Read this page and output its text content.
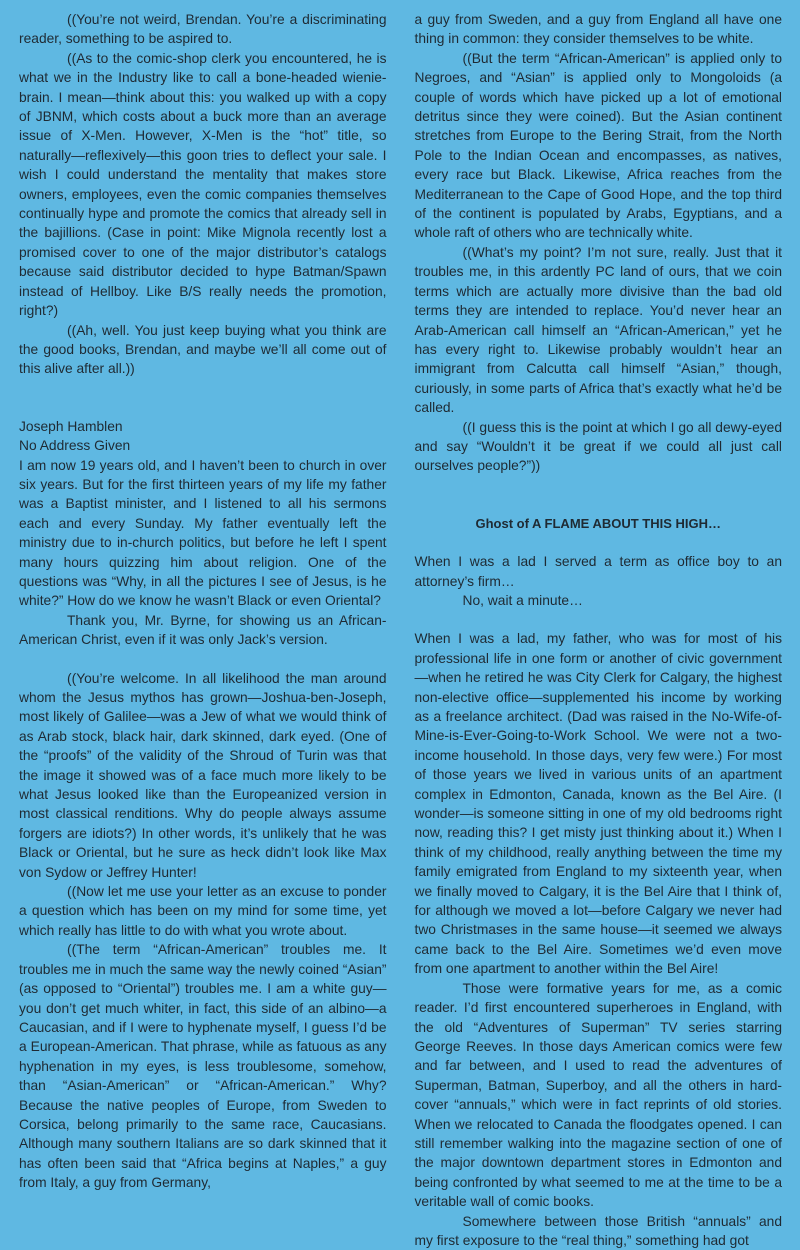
((You’re not weird, Brendan. You’re a discriminating reader, something to be aspired to.

((As to the comic-shop clerk you encountered, he is what we in the Industry like to call a bone-headed wienie-brain. I mean—think about this: you walked up with a copy of JBNM, which costs about a buck more than an average issue of X-Men. However, X-Men is the “hot” title, so naturally—reflexively—this goon tries to deflect your sale. I wish I could understand the mentality that makes store owners, employees, even the comic companies themselves continually hype and promote the comics that already sell in the bajillions. (Case in point: Mike Mignola recently lost a promised cover to one of the major distributor’s catalogs because said distributor decided to hype Batman/Spawn instead of Hellboy. Like B/S really needs the promotion, right?)

((Ah, well. You just keep buying what you think are the good books, Brendan, and maybe we’ll all come out of this alive after all.))

Joseph Hamblen

No Address Given

I am now 19 years old, and I haven’t been to church in over six years. But for the first thirteen years of my life my father was a Baptist minister, and I listened to all his sermons each and every Sunday. My father eventually left the ministry due to in-church politics, but before he left I spent many hours quizzing him about religion. One of the questions was “Why, in all the pictures I see of Jesus, is he white?” How do we know he wasn’t Black or even Oriental?

Thank you, Mr. Byrne, for showing us an African-American Christ, even if it was only Jack’s version.

((You’re welcome. In all likelihood the man around whom the Jesus mythos has grown—Joshua-ben-Joseph, most likely of Galilee—was a Jew of what we would think of as Arab stock, black hair, dark skinned, dark eyed. (One of the “proofs” of the validity of the Shroud of Turin was that the image it showed was of a face much more likely to be what Jesus looked like than the Europeanized version in most classical renditions. Why do people always assume forgers are idiots?) In other words, it’s unlikely that he was Black or Oriental, but he sure as heck didn’t look like Max von Sydow or Jeffrey Hunter!

((Now let me use your letter as an excuse to ponder a question which has been on my mind for some time, yet which really has little to do with what you wrote about.

((The term “African-American” troubles me. It troubles me in much the same way the newly coined “Asian” (as opposed to “Oriental”) troubles me. I am a white guy—you don’t get much whiter, in fact, this side of an albino—a Caucasian, and if I were to hyphenate myself, I guess I’d be a European-American. That phrase, while as fatuous as any hyphenation in my eyes, is less troublesome, somehow, than “Asian-American” or “African-American.” Why? Because the native peoples of Europe, from Sweden to Corsica, belong primarily to the same race, Caucasians. Although many southern Italians are so dark skinned that it has often been said that “Africa begins at Naples,” a guy from Italy, a guy from Germany,

a guy from Sweden, and a guy from England all have one thing in common: they consider themselves to be white.

((But the term “African-American” is applied only to Negroes, and “Asian” is applied only to Mongoloids (a couple of words which have picked up a lot of emotional detritus since they were coined). But the Asian continent stretches from Europe to the Bering Strait, from the North Pole to the Indian Ocean and encompasses, as natives, every race but Black. Likewise, Africa reaches from the Mediterranean to the Cape of Good Hope, and the top third of the continent is populated by Arabs, Egyptians, and a whole raft of others who are technically white.

((What’s my point? I’m not sure, really. Just that it troubles me, in this ardently PC land of ours, that we coin terms which are actually more divisive than the bad old terms they are intended to replace. You’d never hear an Arab-American call himself an “African-American,” yet he has every right to. Likewise probably wouldn’t hear an immigrant from Calcutta call himself “Asian,” though, curiously, in some parts of Africa that’s exactly what he’d be called.

((I guess this is the point at which I go all dewy-eyed and say “Wouldn’t it be great if we could all just call ourselves people?”))

Ghost of A FLAME ABOUT THIS HIGH…

When I was a lad I served a term as office boy to an attorney’s firm…

No, wait a minute…

When I was a lad, my father, who was for most of his professional life in one form or another of civic government—when he retired he was City Clerk for Calgary, the highest non-elective office—supplemented his income by working as a freelance architect. (Dad was raised in the No-Wife-of-Mine-is-Ever-Going-to-Work School. We were not a two-income household. In those days, very few were.) For most of those years we lived in various units of an apartment complex in Edmonton, Canada, known as the Bel Aire. (I wonder—is someone sitting in one of my old bedrooms right now, reading this? I get misty just thinking about it.) When I think of my childhood, really anything between the time my family emigrated from England to my sixteenth year, when we finally moved to Calgary, it is the Bel Aire that I think of, for although we moved a lot—before Calgary we never had two Christmases in the same house—it seemed we always came back to the Bel Aire. Sometimes we’d even move from one apartment to another within the Bel Aire!

Those were formative years for me, as a comic reader. I’d first encountered superheroes in England, with the old “Adventures of Superman” TV series starring George Reeves. In those days American comics were few and far between, and I used to read the adventures of Superman, Batman, Superboy, and all the others in hard-cover “annuals,” which were in fact reprints of old stories. When we relocated to Canada the floodgates opened. I can still remember walking into the magazine section of one of the major downtown department stores in Edmonton and being confronted by what seemed to me at the time to be a veritable wall of comic books.

Somewhere between those British “annuals” and my first exposure to the “real thing,” something had got
